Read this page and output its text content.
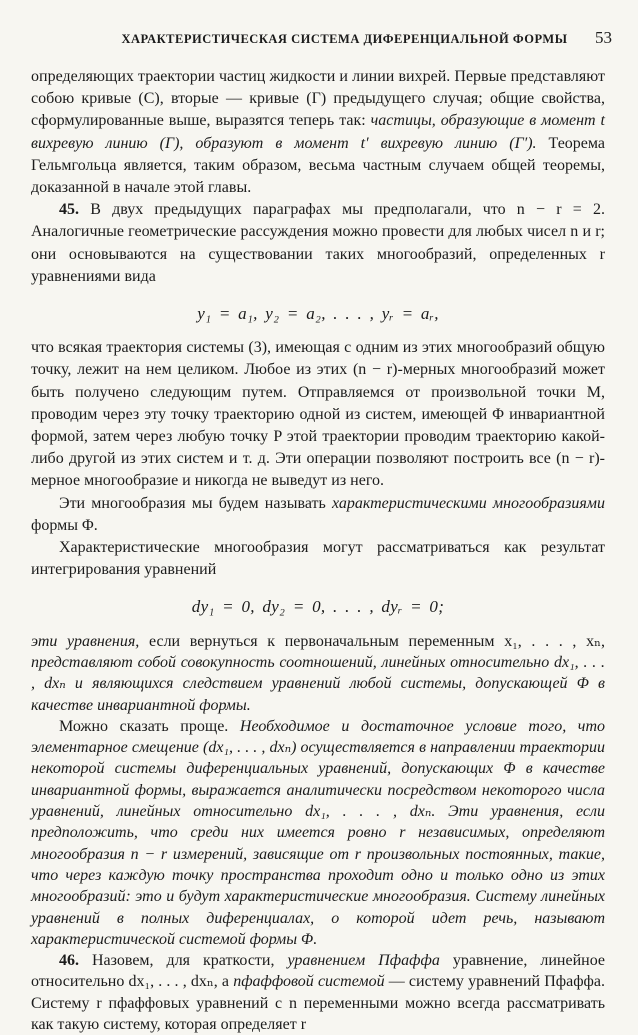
ХАРАКТЕРИСТИЧЕСКАЯ СИСТЕМА ДИФЕРЕНЦИАЛЬНОЙ ФОРМЫ	53

определяющих траектории частиц жидкости и линии вихрей. Первые представляют собою кривые (C), вторые — кривые (Г) предыдущего случая; общие свойства, сформулированные выше, выразятся теперь так: частицы, образующие в момент t вихревую линию (Г), образуют в момент t′ вихревую линию (Г′). Теорема Гельмгольца является, таким образом, весьма частным случаем общей теоремы, доказанной в начале этой главы.

45. В двух предыдущих параграфах мы предполагали, что n − r = 2. Аналогичные геометрические рассуждения можно провести для любых чисел n и r; они основываются на существовании таких многообразий, определенных r уравнениями вида

y₁ = a₁, y₂ = a₂, . . . , yᵣ = aᵣ,

что всякая траектория системы (3), имеющая с одним из этих многообразий общую точку, лежит на нем целиком. Любое из этих (n − r)-мерных многообразий может быть получено следующим путем. Отправляемся от произвольной точки M, проводим через эту точку траекторию одной из систем, имеющей Φ инвариантной формой, затем через любую точку P этой траектории проводим траекторию какой-либо другой из этих систем и т. д. Эти операции позволяют построить все (n − r)-мерное многообразие и никогда не выведут из него.

Эти многообразия мы будем называть характеристическими многообразиями формы Φ.

Характеристические многообразия могут рассматриваться как результат интегрирования уравнений

dy₁ = 0, dy₂ = 0, . . . , dyᵣ = 0;

эти уравнения, если вернуться к первоначальным переменным x₁, . . . , xₙ, представляют собой совокупность соотношений, линейных относительно dx₁, . . . , dxₙ и являющихся следствием уравнений любой системы, допускающей Φ в качестве инвариантной формы.

Можно сказать проще. Необходимое и достаточное условие того, что элементарное смещение (dx₁, . . . , dxₙ) осуществляется в направлении траектории некоторой системы диференциальных уравнений, допускающих Φ в качестве инвариантной формы, выражается аналитически посредством некоторого числа уравнений, линейных относительно dx₁, . . . , dxₙ. Эти уравнения, если предположить, что среди них имеется ровно r независимых, определяют многообразия n − r измерений, зависящие от r произвольных постоянных, такие, что через каждую точку пространства проходит одно и только одно из этих многообразий: это и будут характеристические многообразия. Систему линейных уравнений в полных диференциалах, о которой идет речь, называют характеристической системой формы Φ.

46. Назовем, для краткости, уравнением Пфаффа уравнение, линейное относительно dx₁, . . . , dxₙ, а пфаффовой системой — систему уравнений Пфаффа. Систему r пфаффовых уравнений с n переменными можно всегда рассматривать как такую систему, которая определяет r
